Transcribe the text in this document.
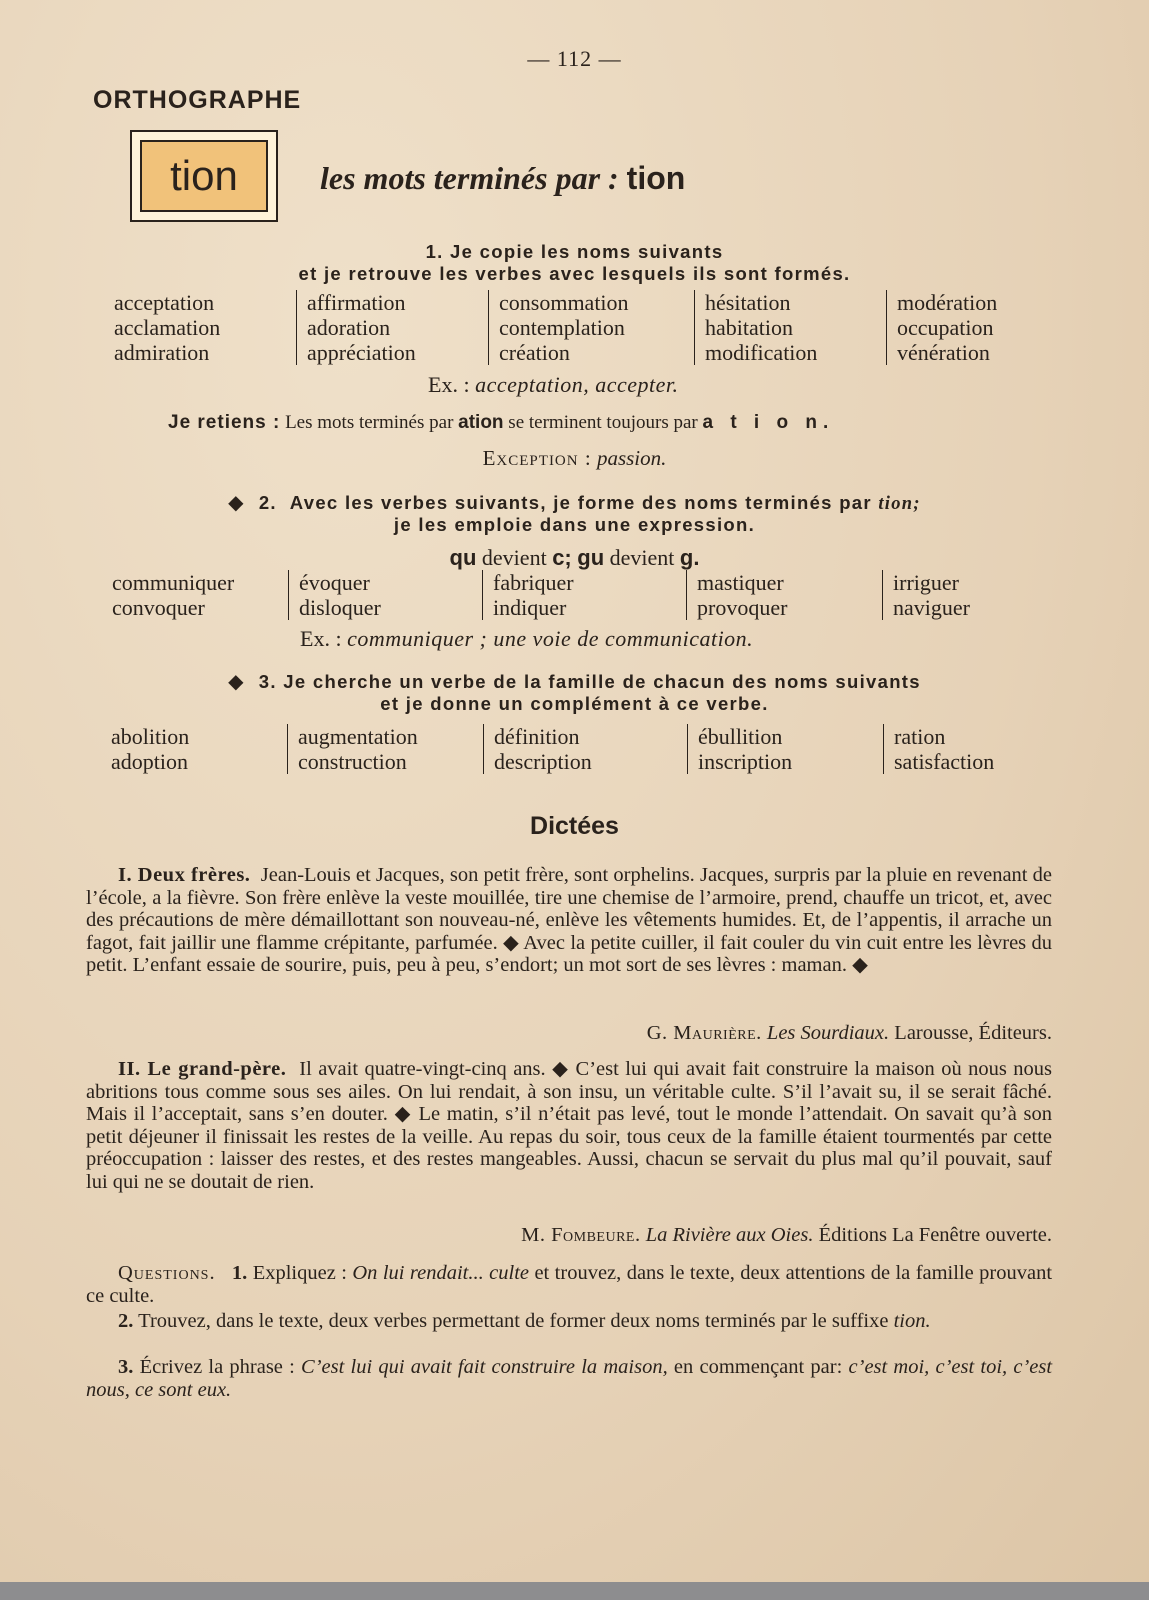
— 112 —
ORTHOGRAPHE
tion	les mots terminés par : tion
1. Je copie les noms suivants
et je retrouve les verbes avec lesquels ils sont formés.
acceptation
acclamation
admiration
affirmation
adoration
appréciation
consommation
contemplation
création
hésitation
habitation
modification
modération
occupation
vénération
Ex. : acceptation, accepter.
Je retiens : Les mots terminés par ation se terminent toujours par a t i o n.
Exception : passion.
◆ 2. Avec les verbes suivants, je forme des noms terminés par tion;
je les emploie dans une expression.
qu devient c; gu devient g.
communiquer
convoquer
évoquer
disloquer
fabriquer
indiquer
mastiquer
provoquer
irriguer
naviguer
Ex. : communiquer ; une voie de communication.
◆ 3. Je cherche un verbe de la famille de chacun des noms suivants
et je donne un complément à ce verbe.
abolition
adoption
augmentation
construction
définition
description
ébullition
inscription
ration
satisfaction
Dictées
I. Deux frères. Jean-Louis et Jacques, son petit frère, sont orphelins. Jacques, surpris par la pluie en revenant de l’école, a la fièvre. Son frère enlève la veste mouillée, tire une chemise de l’armoire, prend, chauffe un tricot, et, avec des précautions de mère démaillottant son nouveau-né, enlève les vêtements humides. Et, de l’appentis, il arrache un fagot, fait jaillir une flamme crépitante, parfumée. ◆ Avec la petite cuiller, il fait couler du vin cuit entre les lèvres du petit. L’enfant essaie de sourire, puis, peu à peu, s’endort; un mot sort de ses lèvres : maman. ◆
G. Maurière. Les Sourdiaux. Larousse, Éditeurs.
II. Le grand-père. Il avait quatre-vingt-cinq ans. ◆ C’est lui qui avait fait construire la maison où nous nous abritions tous comme sous ses ailes. On lui rendait, à son insu, un véritable culte. S’il l’avait su, il se serait fâché. Mais il l’acceptait, sans s’en douter. ◆ Le matin, s’il n’était pas levé, tout le monde l’attendait. On savait qu’à son petit déjeuner il finissait les restes de la veille. Au repas du soir, tous ceux de la famille étaient tourmentés par cette préoccupation : laisser des restes, et des restes mangeables. Aussi, chacun se servait du plus mal qu’il pouvait, sauf lui qui ne se doutait de rien.
M. Fombeure. La Rivière aux Oies. Éditions La Fenêtre ouverte.
Questions. 1. Expliquez : On lui rendait... culte et trouvez, dans le texte, deux attentions de la famille prouvant ce culte.
2. Trouvez, dans le texte, deux verbes permettant de former deux noms terminés par le suffixe tion.
3. Écrivez la phrase : C’est lui qui avait fait construire la maison, en commençant par: c’est moi, c’est toi, c’est nous, ce sont eux.
